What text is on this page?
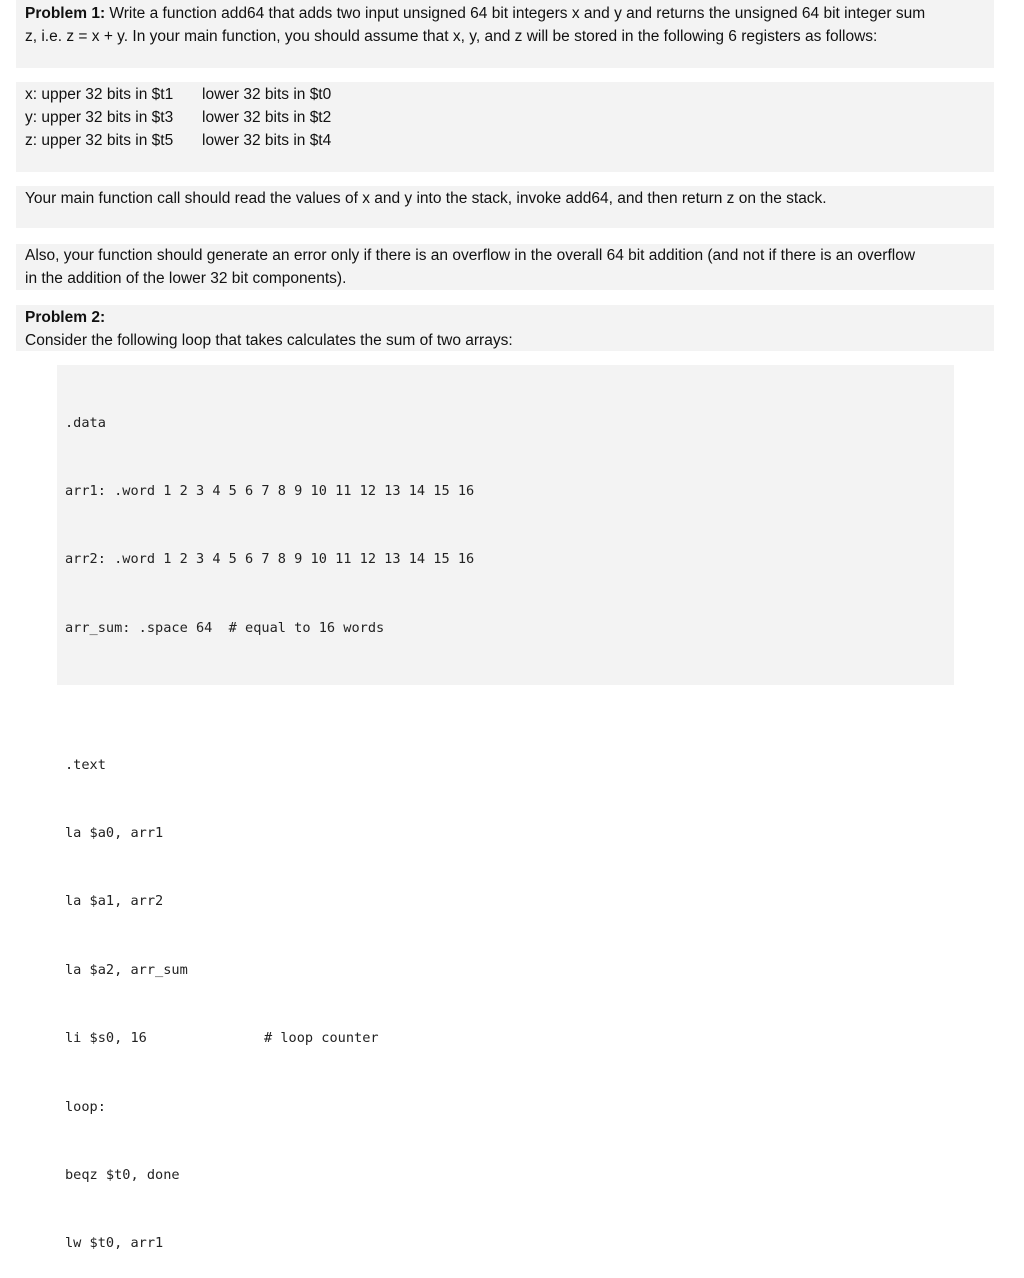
Problem 1: Write a function add64 that adds two input unsigned 64 bit integers x and y and returns the unsigned 64 bit integer sum

z, i.e. z = x + y. In your main function, you should assume that x, y, and z will be stored in the following 6 registers as follows:

x: upper 32 bits in $t1	lower 32 bits in $t0
y: upper 32 bits in $t3	lower 32 bits in $t2
z: upper 32 bits in $t5	lower 32 bits in $t4

Your main function call should read the values of x and y into the stack, invoke add64, and then return z on the stack.

Also, your function should generate an error only if there is an overflow in the overall 64 bit addition (and not if there is an overflow

in the addition of the lower 32 bit components).

Problem 2:

Consider the following loop that takes calculates the sum of two arrays:

.data

arr1: .word 1 2 3 4 5 6 7 8 9 10 11 12 13 14 15 16

arr2: .word 1 2 3 4 5 6 7 8 9 10 11 12 13 14 15 16

arr_sum: .space 64  # equal to 16 words

.text

la $a0, arr1

la $a1, arr2

la $a2, arr_sum

li $s0, 16	# loop counter

loop:

beqz $t0, done

lw $t0, arr1
